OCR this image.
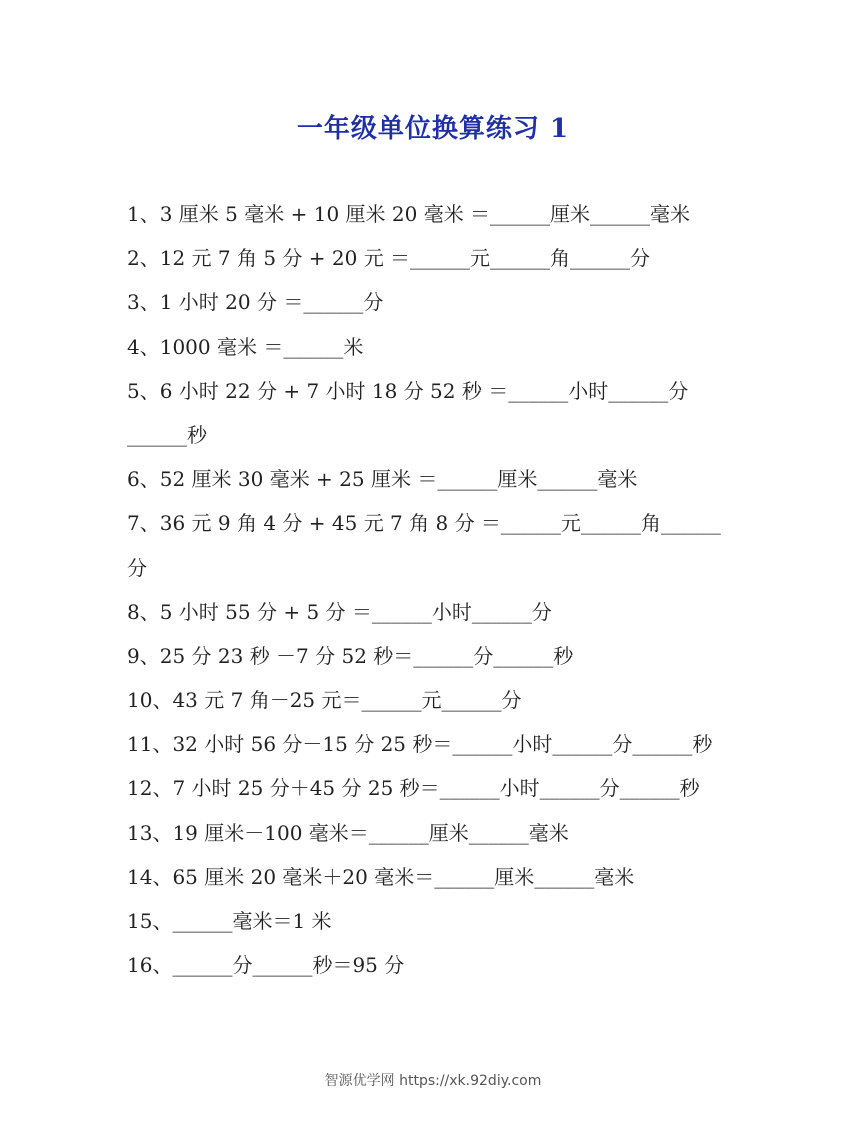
一年级单位换算练习 1
1、3 厘米 5 毫米 + 10 厘米 20 毫米 ＝______厘米______毫米
2、12 元 7 角 5 分 + 20 元 ＝______元______角______分
3、1 小时 20 分 ＝______分
4、1000 毫米 ＝______米
5、6 小时 22 分 + 7 小时 18 分 52 秒 ＝______小时______分
______秒
6、52 厘米 30 毫米 + 25 厘米 ＝______厘米______毫米
7、36 元 9 角 4 分 + 45 元 7 角 8 分 ＝______元______角______
分
8、5 小时 55 分 + 5 分 ＝______小时______分
9、25 分 23 秒 －7 分 52 秒＝______分______秒
10、43 元 7 角－25 元＝______元______分
11、32 小时 56 分－15 分 25 秒＝______小时______分______秒
12、7 小时 25 分＋45 分 25 秒＝______小时______分______秒
13、19 厘米－100 毫米＝______厘米______毫米
14、65 厘米 20 毫米＋20 毫米＝______厘米______毫米
15、______毫米＝1 米
16、______分______秒＝95 分
智源优学网 https://xk.92diy.com
